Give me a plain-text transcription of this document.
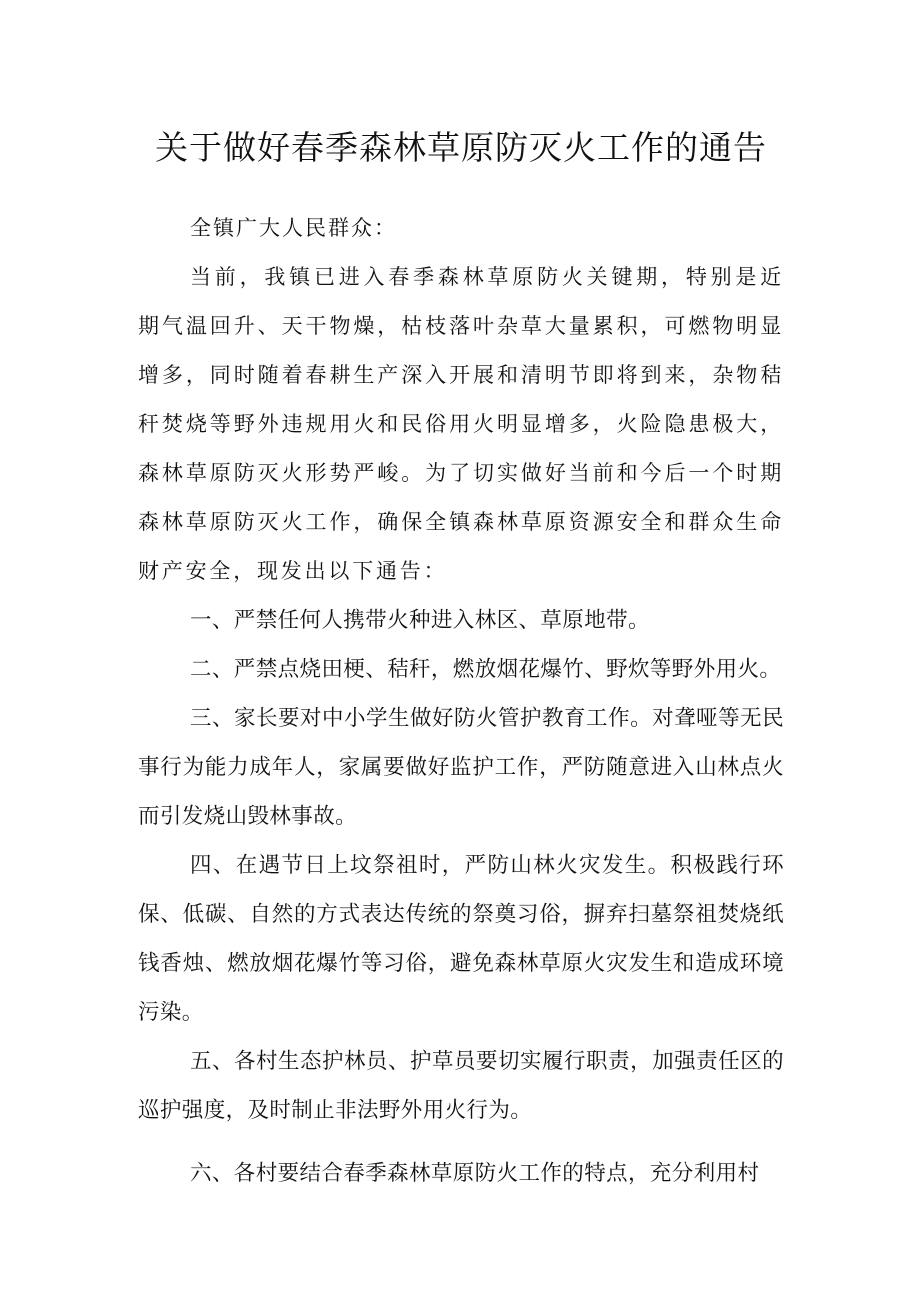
关于做好春季森林草原防灭火工作的通告

全镇广大人民群众：

当前，我镇已进入春季森林草原防火关键期，特别是近期气温回升、天干物燥，枯枝落叶杂草大量累积，可燃物明显增多，同时随着春耕生产深入开展和清明节即将到来，杂物秸秆焚烧等野外违规用火和民俗用火明显增多，火险隐患极大，森林草原防灭火形势严峻。为了切实做好当前和今后一个时期森林草原防灭火工作，确保全镇森林草原资源安全和群众生命财产安全，现发出以下通告：

一、严禁任何人携带火种进入林区、草原地带。

二、严禁点烧田梗、秸秆，燃放烟花爆竹、野炊等野外用火。

三、家长要对中小学生做好防火管护教育工作。对聋哑等无民事行为能力成年人，家属要做好监护工作，严防随意进入山林点火而引发烧山毁林事故。

四、在遇节日上坟祭祖时，严防山林火灾发生。积极践行环保、低碳、自然的方式表达传统的祭奠习俗，摒弃扫墓祭祖焚烧纸钱香烛、燃放烟花爆竹等习俗，避免森林草原火灾发生和造成环境污染。

五、各村生态护林员、护草员要切实履行职责，加强责任区的巡护强度，及时制止非法野外用火行为。

六、各村要结合春季森林草原防火工作的特点，充分利用村
